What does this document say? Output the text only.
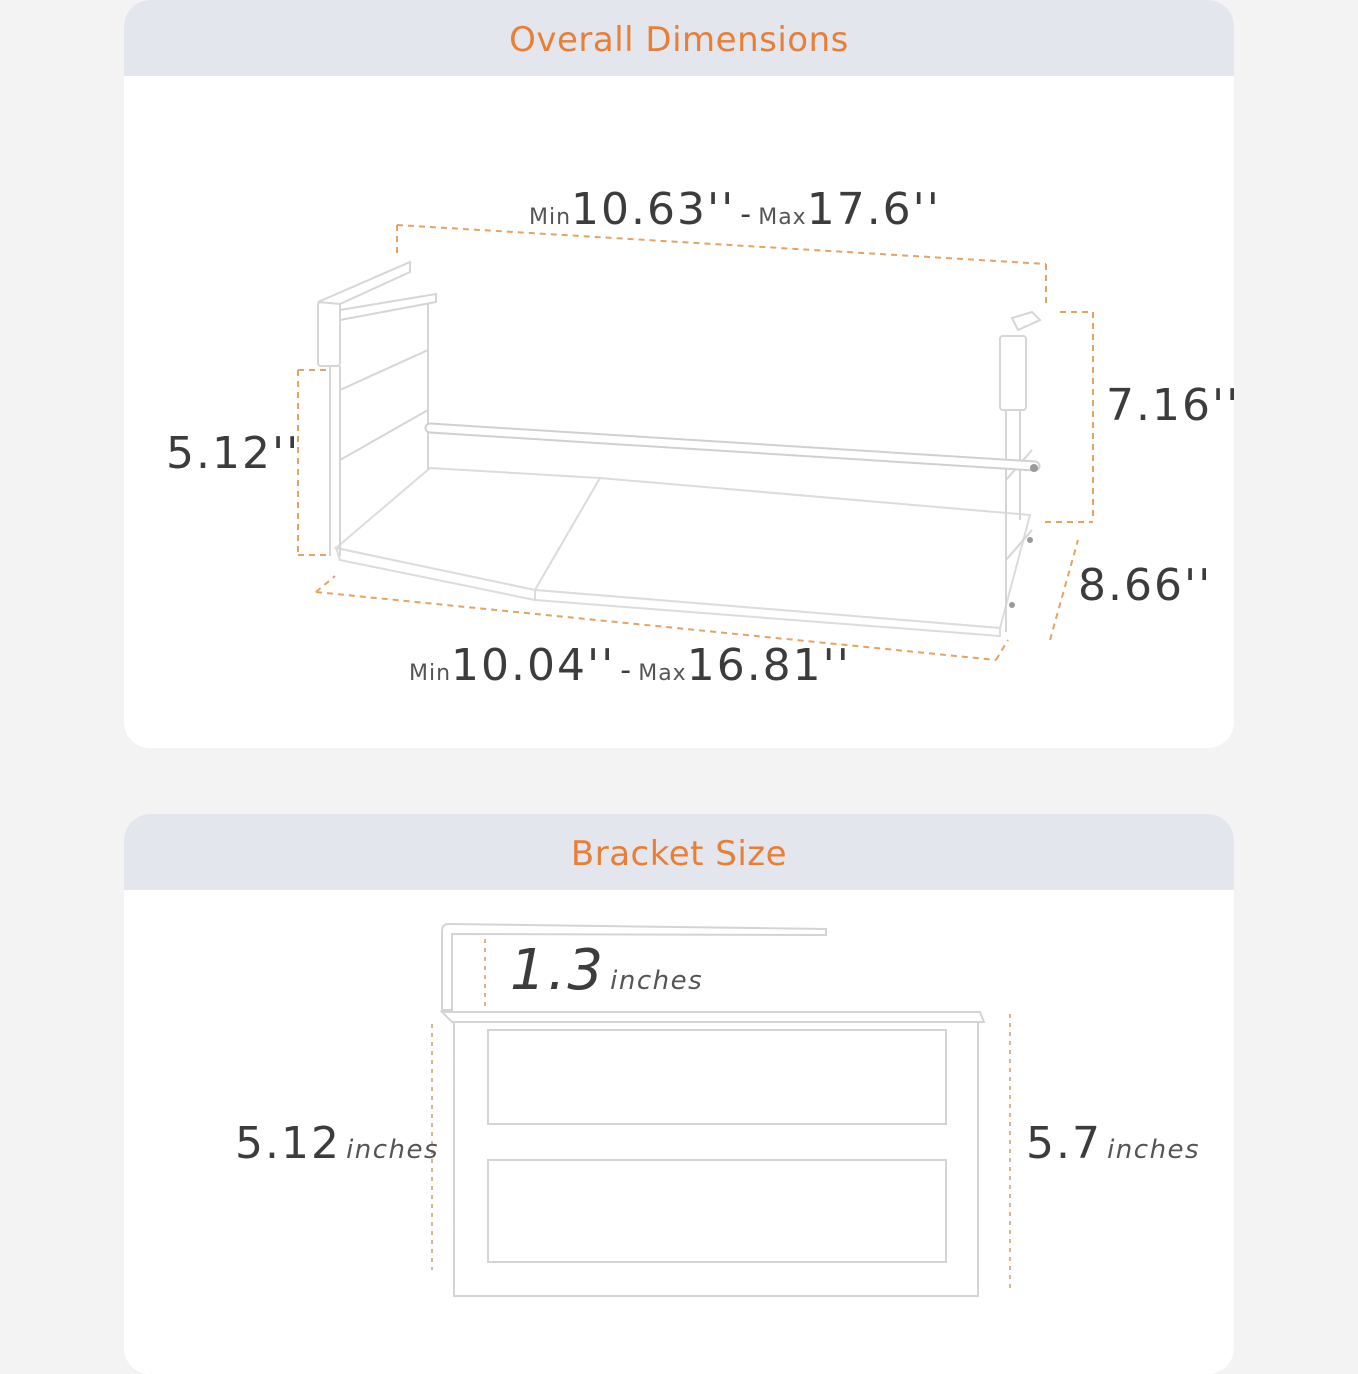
Overall Dimensions
Bracket Size
Min10.63'' - Max17.6''
5.12''
7.16''
8.66''
Min10.04'' - Max16.81''
1.3 inches
5.12 inches	5.7 inches
